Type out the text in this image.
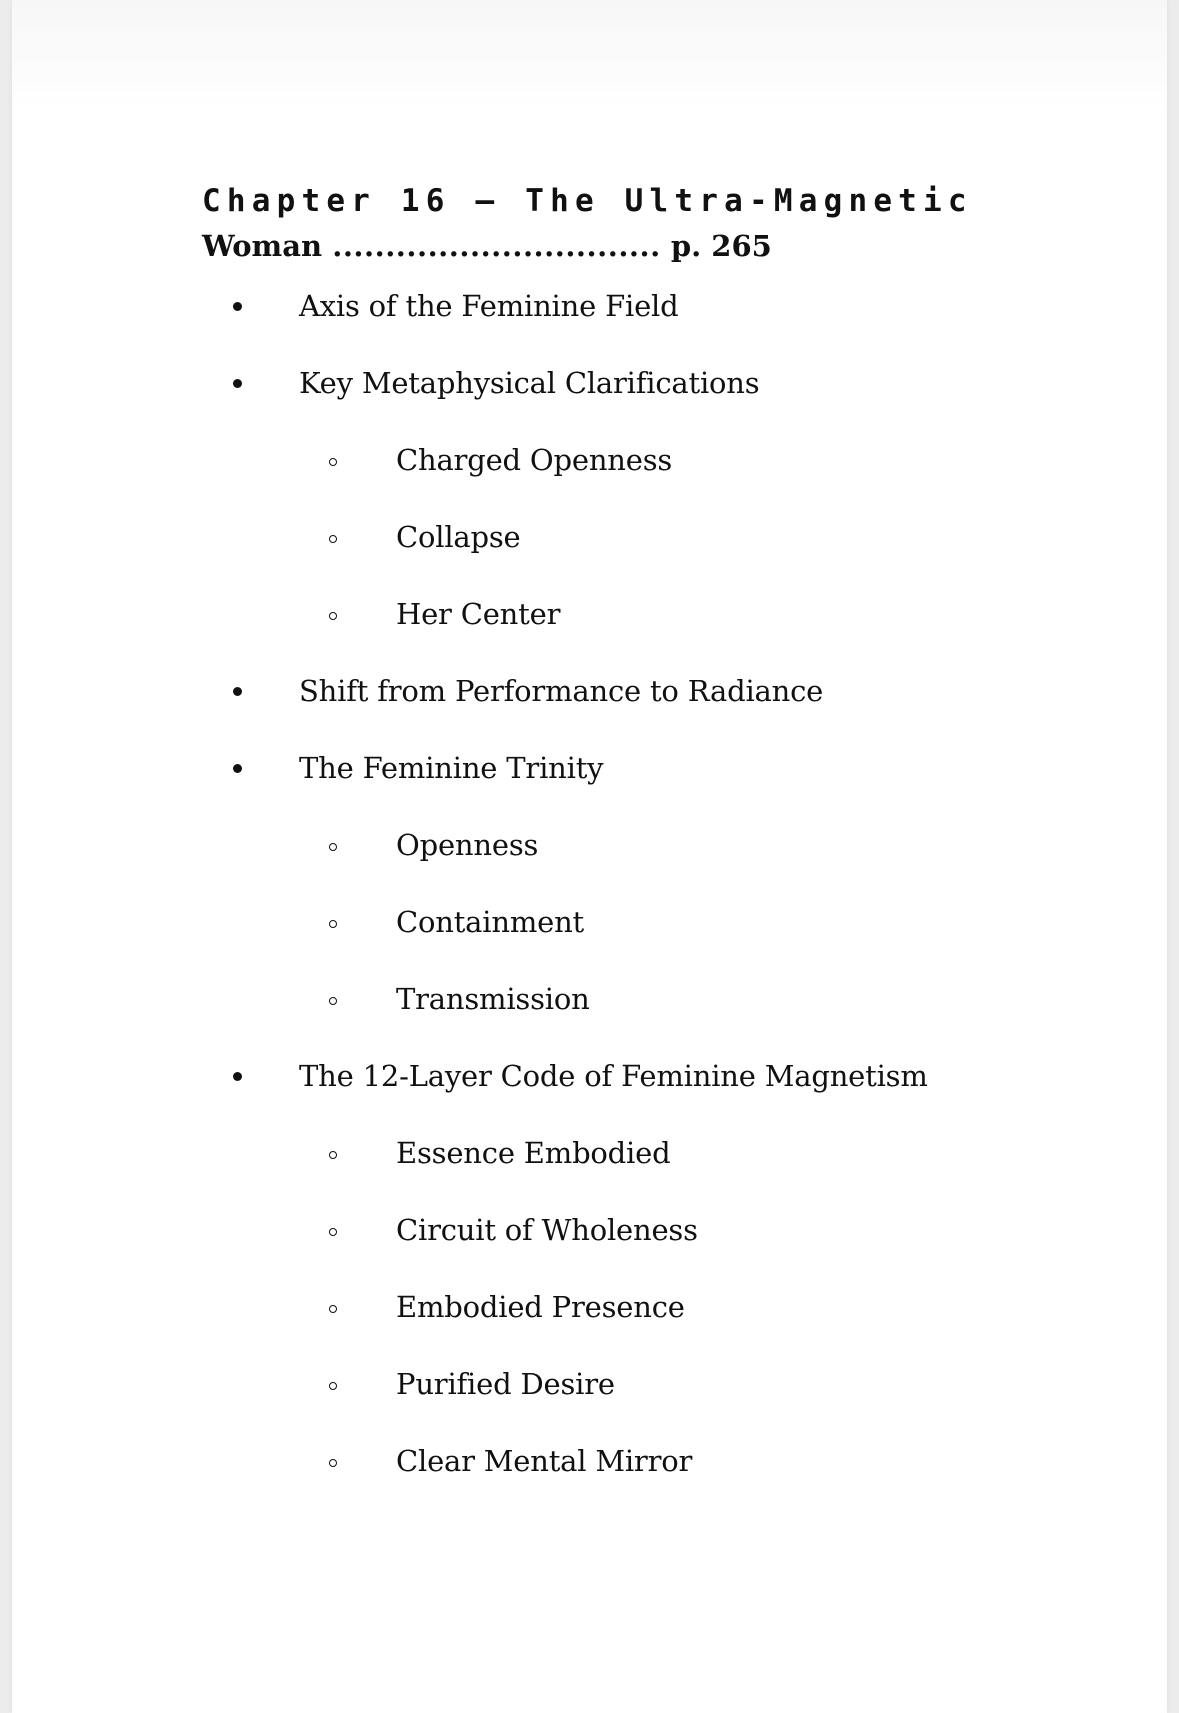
Chapter 16 — The Ultra-Magnetic
Woman ............................... p. 265
Axis of the Feminine Field
Key Metaphysical Clarifications
Charged Openness
Collapse
Her Center
Shift from Performance to Radiance
The Feminine Trinity
Openness
Containment
Transmission
The 12-Layer Code of Feminine Magnetism
Essence Embodied
Circuit of Wholeness
Embodied Presence
Purified Desire
Clear Mental Mirror
